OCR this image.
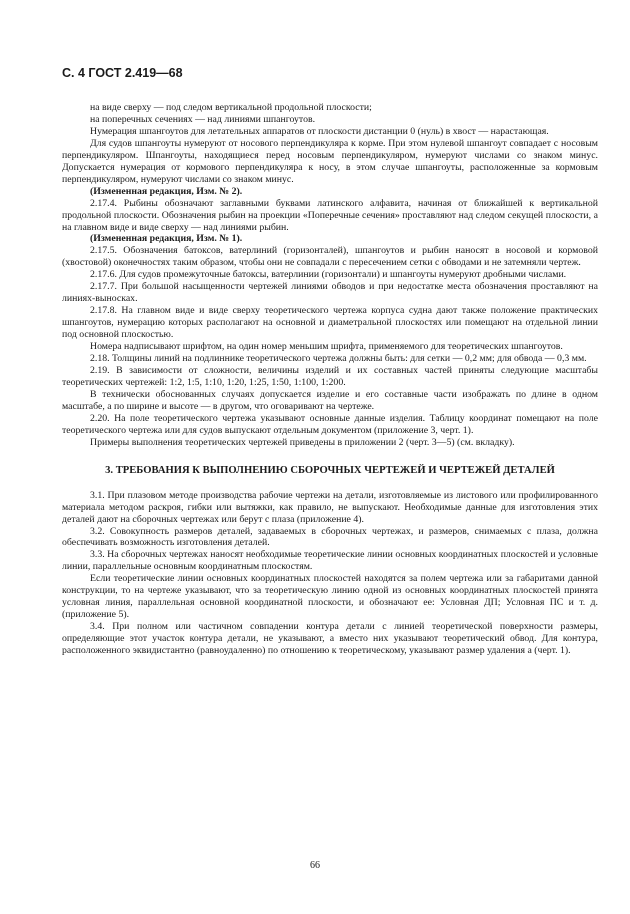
С. 4 ГОСТ 2.419—68

на виде сверху — под следом вертикальной продольной плоскости;

на поперечных сечениях — над линиями шпангоутов.

Нумерация шпангоутов для летательных аппаратов от плоскости дистанции 0 (нуль) в хвост — нарастающая.

Для судов шпангоуты нумеруют от носового перпендикуляра к корме. При этом нулевой шпангоут совпадает с носовым перпендикуляром. Шпангоуты, находящиеся перед носовым перпендикуляром, нумеруют числами со знаком минус. Допускается нумерация от кормового перпендикуляра к носу, в этом случае шпангоуты, расположенные за кормовым перпендикуляром, нумеруют числами со знаком минус.

(Измененная редакция, Изм. № 2).

2.17.4. Рыбины обозначают заглавными буквами латинского алфавита, начиная от ближайшей к вертикальной продольной плоскости. Обозначения рыбин на проекции «Поперечные сечения» проставляют над следом секущей плоскости, а на главном виде и виде сверху — над линиями рыбин.

(Измененная редакция, Изм. № 1).

2.17.5. Обозначения батоксов, ватерлиний (горизонталей), шпангоутов и рыбин наносят в носовой и кормовой (хвостовой) оконечностях таким образом, чтобы они не совпадали с пересечением сетки с обводами и не затемняли чертеж.

2.17.6. Для судов промежуточные батоксы, ватерлинии (горизонтали) и шпангоуты нумеруют дробными числами.

2.17.7. При большой насыщенности чертежей линиями обводов и при недостатке места обозначения проставляют на линиях-выносках.

2.17.8. На главном виде и виде сверху теоретического чертежа корпуса судна дают также положение практических шпангоутов, нумерацию которых располагают на основной и диаметральной плоскостях или помещают на отдельной линии под основной плоскостью.

Номера надписывают шрифтом, на один номер меньшим шрифта, применяемого для теоретических шпангоутов.

2.18. Толщины линий на подлиннике теоретического чертежа должны быть: для сетки — 0,2 мм; для обвода — 0,3 мм.

2.19. В зависимости от сложности, величины изделий и их составных частей приняты следующие масштабы теоретических чертежей: 1:2, 1:5, 1:10, 1:20, 1:25, 1:50, 1:100, 1:200.

В технически обоснованных случаях допускается изделие и его составные части изображать по длине в одном масштабе, а по ширине и высоте — в другом, что оговаривают на чертеже.

2.20. На поле теоретического чертежа указывают основные данные изделия. Таблицу координат помещают на поле теоретического чертежа или для судов выпускают отдельным документом (приложение 3, черт. 1).

Примеры выполнения теоретических чертежей приведены в приложении 2 (черт. 3—5) (см. вкладку).

3. ТРЕБОВАНИЯ К ВЫПОЛНЕНИЮ СБОРОЧНЫХ ЧЕРТЕЖЕЙ И ЧЕРТЕЖЕЙ ДЕТАЛЕЙ

3.1. При плазовом методе производства рабочие чертежи на детали, изготовляемые из листового или профилированного материала методом раскроя, гибки или вытяжки, как правило, не выпускают. Необходимые данные для изготовления этих деталей дают на сборочных чертежах или берут с плаза (приложение 4).

3.2. Совокупность размеров деталей, задаваемых в сборочных чертежах, и размеров, снимаемых с плаза, должна обеспечивать возможность изготовления деталей.

3.3. На сборочных чертежах наносят необходимые теоретические линии основных координатных плоскостей и условные линии, параллельные основным координатным плоскостям.

Если теоретические линии основных координатных плоскостей находятся за полем чертежа или за габаритами данной конструкции, то на чертеже указывают, что за теоретическую линию одной из основных координатных плоскостей принята условная линия, параллельная основной координатной плоскости, и обозначают ее: Условная ДП; Условная ПС и т. д. (приложение 5).

3.4. При полном или частичном совпадении контура детали с линией теоретической поверхности размеры, определяющие этот участок контура детали, не указывают, а вместо них указывают теоретический обвод. Для контура, расположенного эквидистантно (равноудаленно) по отношению к теоретическому, указывают размер удаления а (черт. 1).

66
